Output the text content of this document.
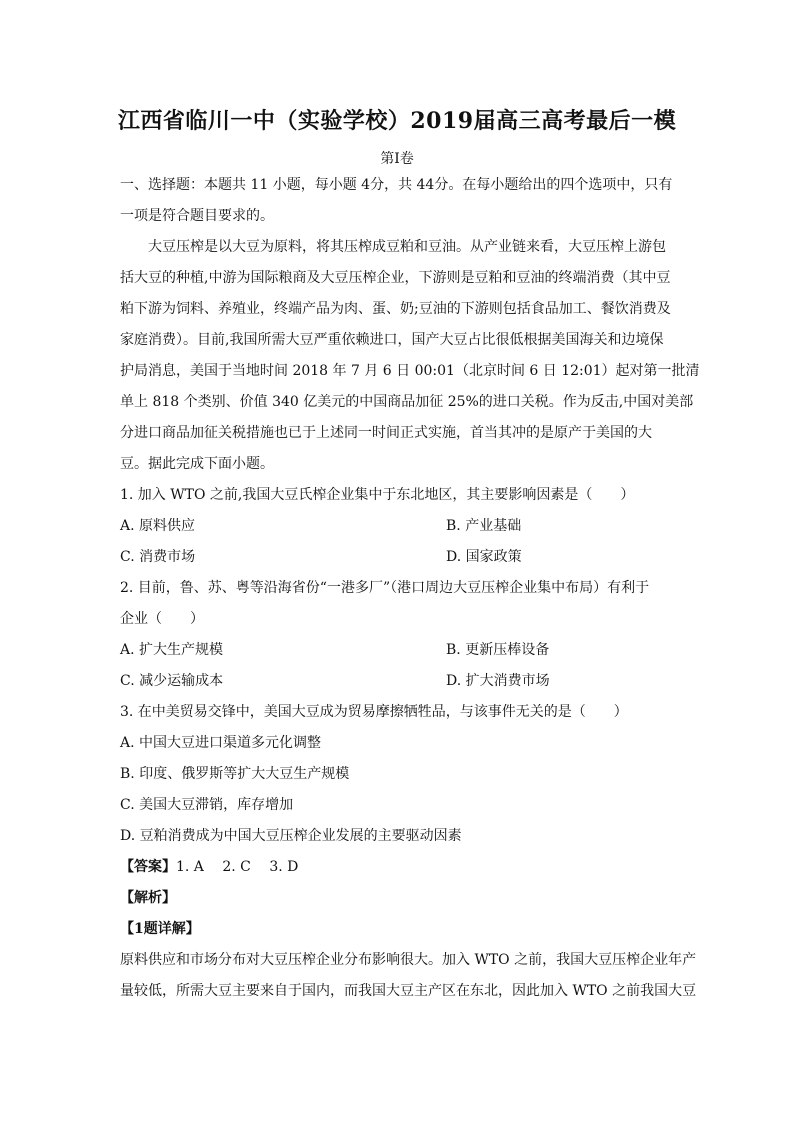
江西省临川一中（实验学校）2019届高三高考最后一模
第I卷
一、选择题：本题共 11 小题，每小题 4分，共 44分。在每小题给出的四个选项中，只有
一项是符合题目要求的。
大豆压榨是以大豆为原料，将其压榨成豆粕和豆油。从产业链来看，大豆压榨上游包
括大豆的种植,中游为国际粮商及大豆压榨企业，下游则是豆粕和豆油的终端消费（其中豆
粕下游为饲料、养殖业，终端产品为肉、蛋、奶;豆油的下游则包括食品加工、餐饮消费及
家庭消费）。目前,我国所需大豆严重依赖进口，国产大豆占比很低根据美国海关和边境保
护局消息，美国于当地时间 2018 年 7 月 6 日 00:01（北京时间 6 日 12:01）起对第一批清
单上 818 个类别、价值 340 亿美元的中国商品加征 25%的进口关税。作为反击,中国对美部
分进口商品加征关税措施也已于上述同一时间正式实施，首当其冲的是原产于美国的大
豆。据此完成下面小题。
1. 加入 WTO 之前,我国大豆氏榨企业集中于东北地区，其主要影响因素是（　　）
A. 原料供应	B. 产业基础
C. 消费市场	D. 国家政策
2. 目前，鲁、苏、粤等沿海省份“一港多厂”（港口周边大豆压榨企业集中布局）有利于
企业（　　）
A. 扩大生产规模	B. 更新压棒设备
C. 减少运输成本	D. 扩大消费市场
3. 在中美贸易交锋中，美国大豆成为贸易摩擦牺牲品，与该事件无关的是（　　）
A. 中国大豆进口渠道多元化调整
B. 印度、俄罗斯等扩大大豆生产规模
C. 美国大豆滞销，库存增加
D. 豆粕消费成为中国大豆压榨企业发展的主要驱动因素
【答案】1. A　 2. C　 3. D
【解析】
【1题详解】
原料供应和市场分布对大豆压榨企业分布影响很大。加入 WTO 之前，我国大豆压榨企业年产
量较低，所需大豆主要来自于国内，而我国大豆主产区在东北，因此加入 WTO 之前我国大豆
